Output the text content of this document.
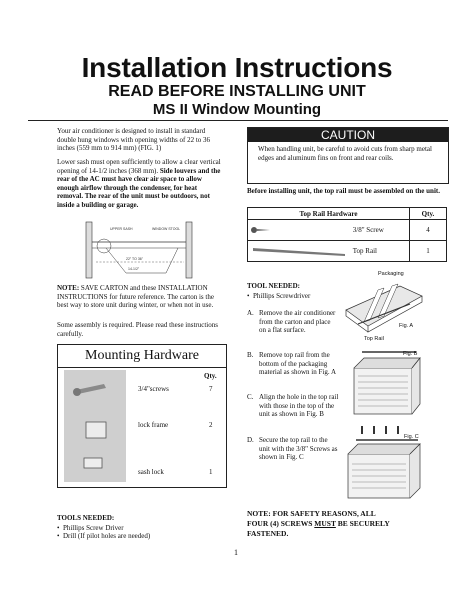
Installation Instructions
READ BEFORE INSTALLING UNIT
MS II Window Mounting
Your air conditioner is designed to install in standard double hung windows with opening widths of 22 to 36 inches (559 mm to 914 mm) (FIG. 1)
Lower sash must open sufficiently to allow a clear vertical opening of 14-1/2 inches (368 mm). Side louvers and the rear of the AC must have clear air space to allow enough airflow through the condenser, for heat removal. The rear of the unit must be outdoors, not inside a building or garage.
UPPER SASH	WINDOW STOOL
22" TO 36"
14-1/2"
NOTE: SAVE CARTON and these INSTALLATION INSTRUCTIONS for future reference. The carton is the best way to store unit during winter, or when not in use.
Some assembly is required. Please read these instructions carefully.
Mounting Hardware
Qty.
3/4"screws	7
lock frame	2
sash lock	1
TOOLS NEEDED:
•  Phillips Screw Driver
•  Drill (If pilot holes are needed)
CAUTION
When handling unit, be careful to avoid cuts from sharp metal edges and aluminum fins on front and rear coils.
Before installing unit, the top rail must be assembled on the unit.
Top Rail Hardware	Qty.
3/8" Screw	4
Top Rail	1
TOOL NEEDED:
•  Phillips Screwdriver
A. Remove the air conditioner from the carton and place on a flat surface.
B. Remove top rail from the bottom of the packaging material as shown in Fig. A
C. Align the hole in the top rail with those in the top of the unit as shown in Fig. B
D. Secure the top rail to the unit with the 3/8" Screws as shown in Fig. C
Packaging
Fig. A
Top Rail
Fig. B
Fig. C
NOTE: FOR SAFETY REASONS, ALL
FOUR (4) SCREWS MUST BE SECURELY
FASTENED.
1
